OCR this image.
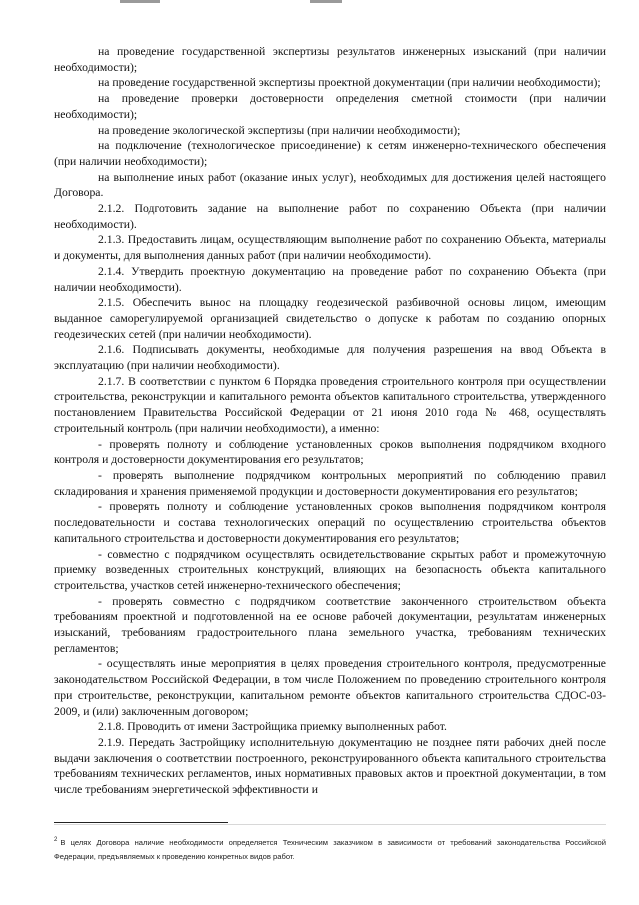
на проведение государственной экспертизы результатов инженерных изысканий (при наличии необходимости);

на проведение государственной экспертизы проектной документации (при наличии необходимости);

на проведение проверки достоверности определения сметной стоимости (при наличии необходимости);

на проведение экологической экспертизы (при наличии необходимости);

на подключение (технологическое присоединение) к сетям инженерно-технического обеспечения (при наличии необходимости);

на выполнение иных работ (оказание иных услуг), необходимых для достижения целей настоящего Договора.

2.1.2. Подготовить задание на выполнение работ по сохранению Объекта (при наличии необходимости).

2.1.3. Предоставить лицам, осуществляющим выполнение работ по сохранению Объекта, материалы и документы, для выполнения данных работ (при наличии необходимости).

2.1.4. Утвердить проектную документацию на проведение работ по сохранению Объекта (при наличии необходимости).

2.1.5. Обеспечить вынос на площадку геодезической разбивочной основы лицом, имеющим выданное саморегулируемой организацией свидетельство о допуске к работам по созданию опорных геодезических сетей (при наличии необходимости).

2.1.6. Подписывать документы, необходимые для получения разрешения на ввод Объекта в эксплуатацию (при наличии необходимости).

2.1.7. В соответствии с пунктом 6 Порядка проведения строительного контроля при осуществлении строительства, реконструкции и капитального ремонта объектов капитального строительства, утвержденного постановлением Правительства Российской Федерации от 21 июня 2010 года № 468, осуществлять строительный контроль (при наличии необходимости), а именно:

- проверять полноту и соблюдение установленных сроков выполнения подрядчиком входного контроля и достоверности документирования его результатов;

- проверять выполнение подрядчиком контрольных мероприятий по соблюдению правил складирования и хранения применяемой продукции и достоверности документирования его результатов;

- проверять полноту и соблюдение установленных сроков выполнения подрядчиком контроля последовательности и состава технологических операций по осуществлению строительства объектов капитального строительства и достоверности документирования его результатов;

- совместно с подрядчиком осуществлять освидетельствование скрытых работ и промежуточную приемку возведенных строительных конструкций, влияющих на безопасность объекта капитального строительства, участков сетей инженерно-технического обеспечения;

- проверять совместно с подрядчиком соответствие законченного строительством объекта требованиям проектной и подготовленной на ее основе рабочей документации, результатам инженерных изысканий, требованиям градостроительного плана земельного участка, требованиям технических регламентов;

- осуществлять иные мероприятия в целях проведения строительного контроля, предусмотренные законодательством Российской Федерации, в том числе Положением по проведению строительного контроля при строительстве, реконструкции, капитальном ремонте объектов капитального строительства СДОС-03-2009, и (или) заключенным договором;

2.1.8. Проводить от имени Застройщика приемку выполненных работ.

2.1.9. Передать Застройщику исполнительную документацию не позднее пяти рабочих дней после выдачи заключения о соответствии построенного, реконструированного объекта капитального строительства требованиям технических регламентов, иных нормативных правовых актов и проектной документации, в том числе требованиям энергетической эффективности и

$^2$ В целях Договора наличие необходимости определяется Техническим заказчиком в зависимости от требований законодательства Российской Федерации, предъявляемых к проведению конкретных видов работ.
